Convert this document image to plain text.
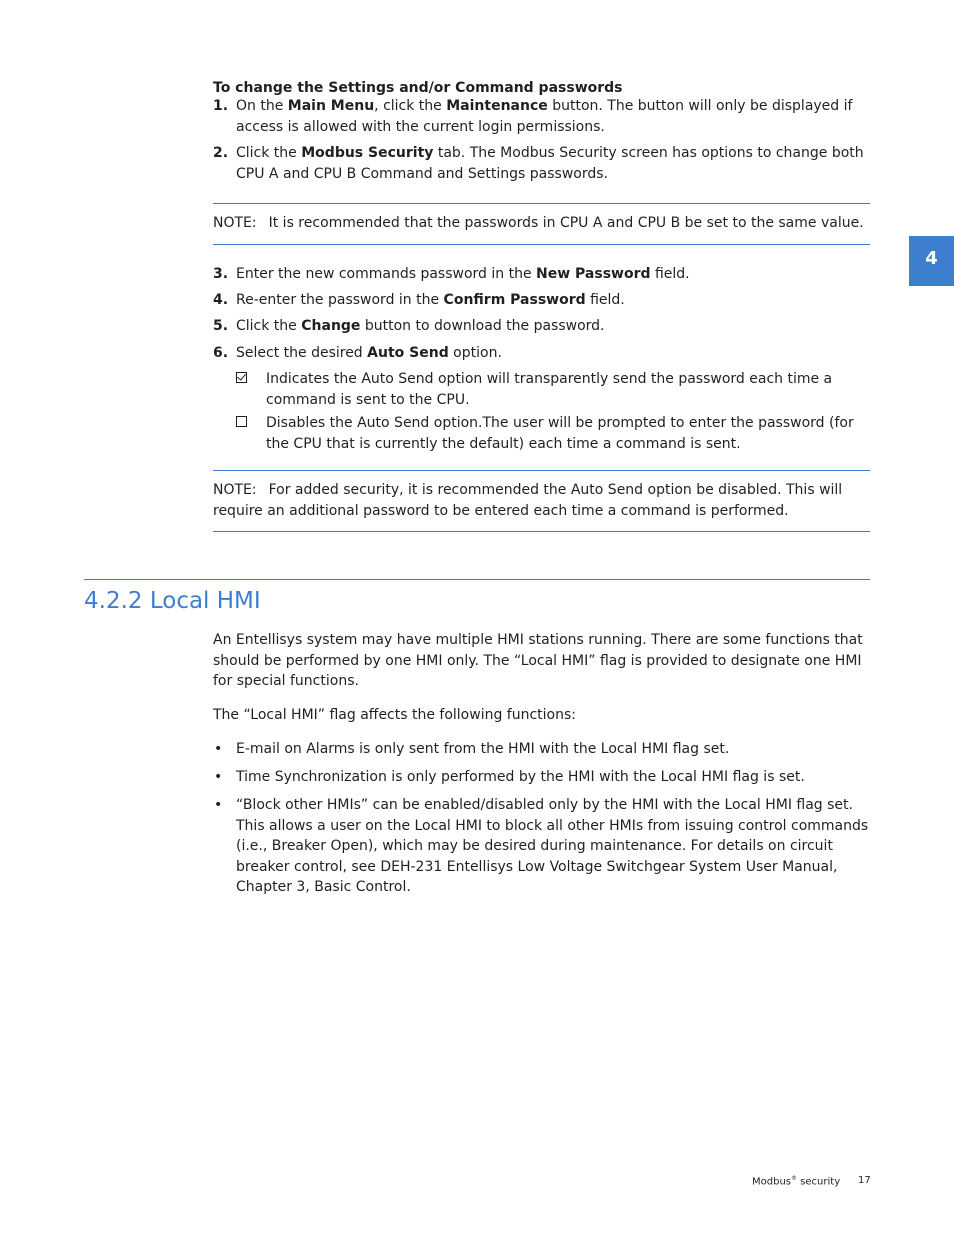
To change the Settings and/or Command passwords
1. On the Main Menu, click the Maintenance button. The button will only be displayed if access is allowed with the current login permissions.
2. Click the Modbus Security tab. The Modbus Security screen has options to change both CPU A and CPU B Command and Settings passwords.
NOTE: It is recommended that the passwords in CPU A and CPU B be set to the same value.
3. Enter the new commands password in the New Password field.
4. Re-enter the password in the Confirm Password field.
5. Click the Change button to download the password.
6. Select the desired Auto Send option.
Indicates the Auto Send option will transparently send the password each time a command is sent to the CPU.
Disables the Auto Send option.The user will be prompted to enter the password (for the CPU that is currently the default) each time a command is sent.
NOTE: For added security, it is recommended the Auto Send option be disabled. This will require an additional password to be entered each time a command is performed.
4.2.2 Local HMI
An Entellisys system may have multiple HMI stations running. There are some functions that should be performed by one HMI only. The “Local HMI” flag is provided to designate one HMI for special functions.
The “Local HMI” flag affects the following functions:
• E-mail on Alarms is only sent from the HMI with the Local HMI flag set.
• Time Synchronization is only performed by the HMI with the Local HMI flag is set.
• “Block other HMIs” can be enabled/disabled only by the HMI with the Local HMI flag set. This allows a user on the Local HMI to block all other HMIs from issuing control commands (i.e., Breaker Open), which may be desired during maintenance. For details on circuit breaker control, see DEH-231 Entellisys Low Voltage Switchgear System User Manual, Chapter 3, Basic Control.
4
Modbus® security 17
